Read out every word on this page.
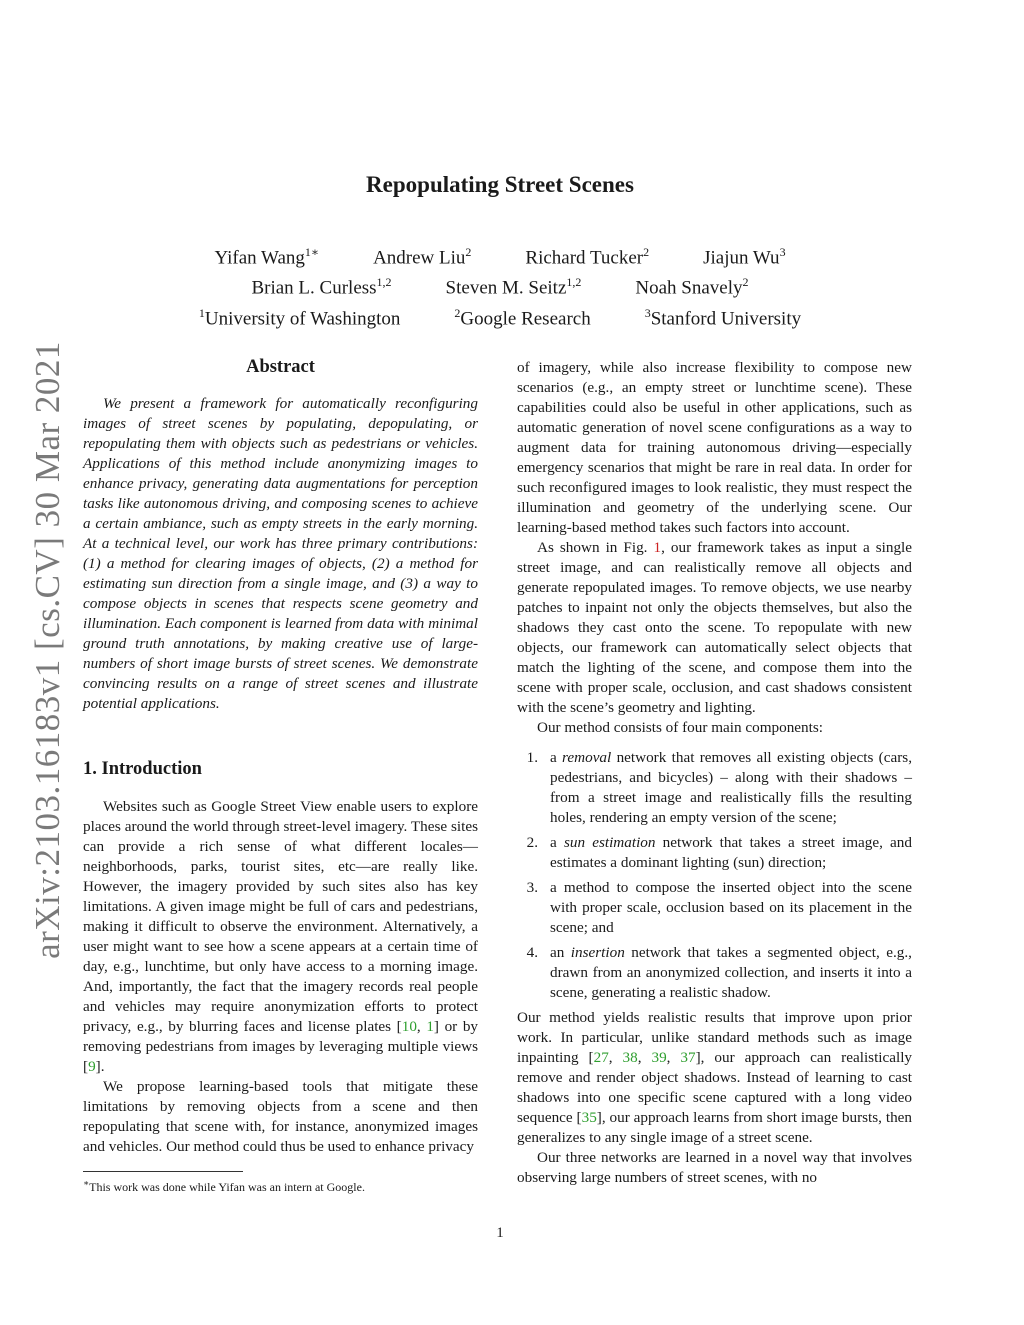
arXiv:2103.16183v1 [cs.CV] 30 Mar 2021
Repopulating Street Scenes
Yifan Wang$^{1∗}$	Andrew Liu$^2$	Richard Tucker$^2$	Jiajun Wu$^3$
Brian L. Curless$^{1,2}$	Steven M. Seitz$^{1,2}$	Noah Snavely$^2$
$^1$University of Washington	$^2$Google Research	$^3$Stanford University
Abstract

We present a framework for automatically reconfiguring images of street scenes by populating, depopulating, or repopulating them with objects such as pedestrians or vehicles. Applications of this method include anonymizing images to enhance privacy, generating data augmentations for perception tasks like autonomous driving, and composing scenes to achieve a certain ambiance, such as empty streets in the early morning. At a technical level, our work has three primary contributions: (1) a method for clearing images of objects, (2) a method for estimating sun direction from a single image, and (3) a way to compose objects in scenes that respects scene geometry and illumination. Each component is learned from data with minimal ground truth annotations, by making creative use of large-numbers of short image bursts of street scenes. We demonstrate convincing results on a range of street scenes and illustrate potential applications.

1. Introduction

Websites such as Google Street View enable users to explore places around the world through street-level imagery. These sites can provide a rich sense of what different locales—neighborhoods, parks, tourist sites, etc—are really like. However, the imagery provided by such sites also has key limitations. A given image might be full of cars and pedestrians, making it difficult to observe the environment. Alternatively, a user might want to see how a scene appears at a certain time of day, e.g., lunchtime, but only have access to a morning image. And, importantly, the fact that the imagery records real people and vehicles may require anonymization efforts to protect privacy, e.g., by blurring faces and license plates [10, 1] or by removing pedestrians from images by leveraging multiple views [9].

We propose learning-based tools that mitigate these limitations by removing objects from a scene and then repopulating that scene with, for instance, anonymized images and vehicles. Our method could thus be used to enhance privacy

of imagery, while also increase flexibility to compose new scenarios (e.g., an empty street or lunchtime scene). These capabilities could also be useful in other applications, such as automatic generation of novel scene configurations as a way to augment data for training autonomous driving—especially emergency scenarios that might be rare in real data. In order for such reconfigured images to look realistic, they must respect the illumination and geometry of the underlying scene. Our learning-based method takes such factors into account.

As shown in Fig. 1, our framework takes as input a single street image, and can realistically remove all objects and generate repopulated images. To remove objects, we use nearby patches to inpaint not only the objects themselves, but also the shadows they cast onto the scene. To repopulate with new objects, our framework can automatically select objects that match the lighting of the scene, and compose them into the scene with proper scale, occlusion, and cast shadows consistent with the scene’s geometry and lighting.

Our method consists of four main components:

1. a removal network that removes all existing objects (cars, pedestrians, and bicycles) – along with their shadows – from a street image and realistically fills the resulting holes, rendering an empty version of the scene;
2. a sun estimation network that takes a street image, and estimates a dominant lighting (sun) direction;
3. a method to compose the inserted object into the scene with proper scale, occlusion based on its placement in the scene; and
4. an insertion network that takes a segmented object, e.g., drawn from an anonymized collection, and inserts it into a scene, generating a realistic shadow.

Our method yields realistic results that improve upon prior work. In particular, unlike standard methods such as image inpainting [27, 38, 39, 37], our approach can realistically remove and render object shadows. Instead of learning to cast shadows into one specific scene captured with a long video sequence [35], our approach learns from short image bursts, then generalizes to any single image of a street scene.

Our three networks are learned in a novel way that involves observing large numbers of street scenes, with no

∗This work was done while Yifan was an intern at Google.
1
